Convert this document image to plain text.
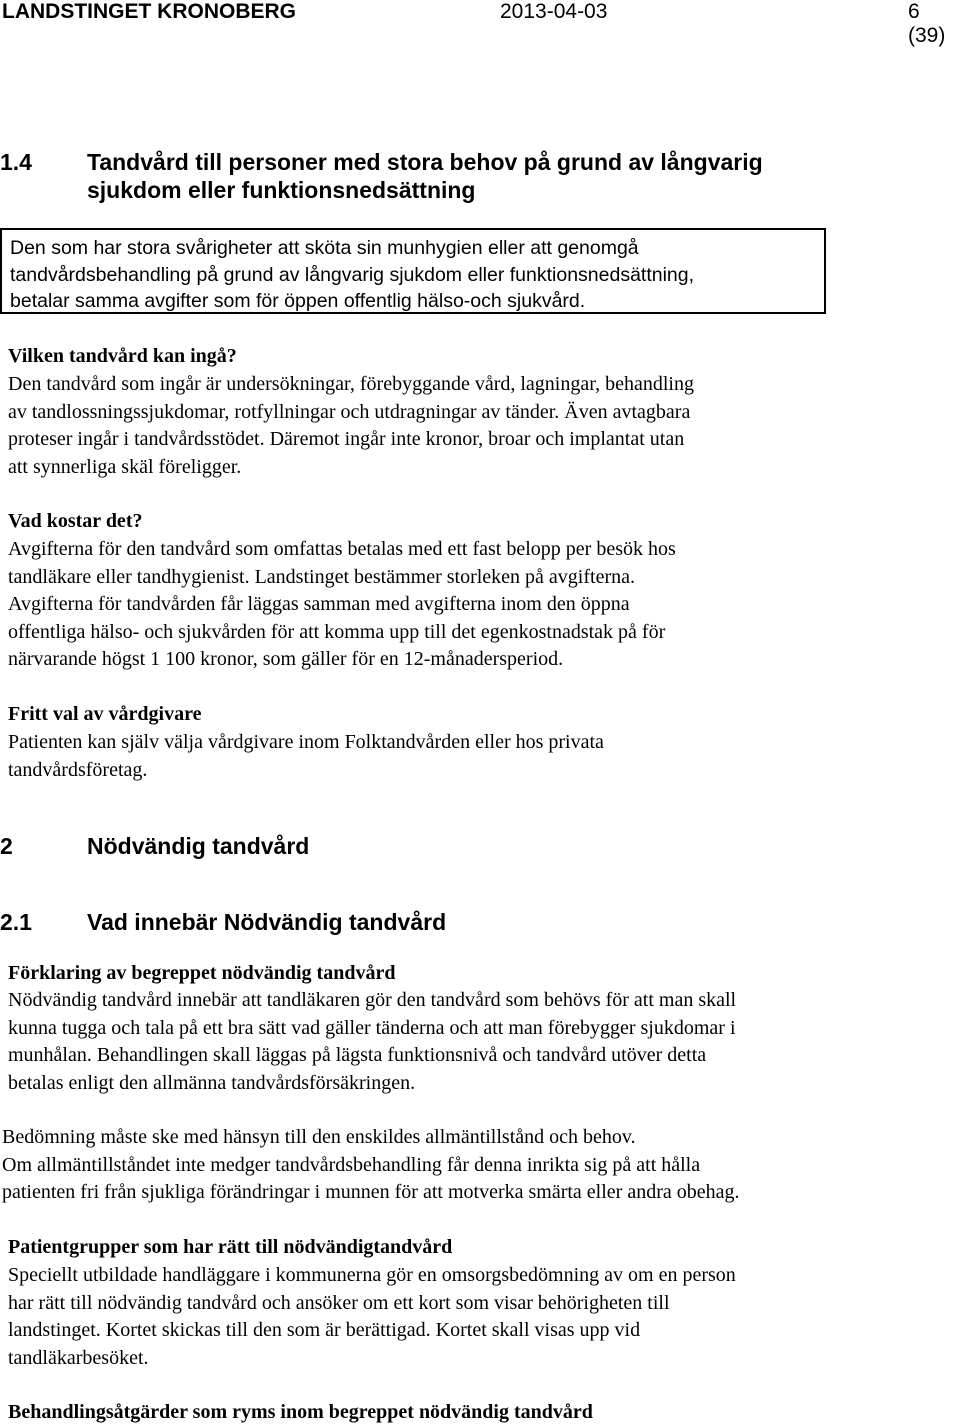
LANDSTINGET KRONOBERG	2013-04-03	6 (39)
1.4 Tandvård till personer med stora behov på grund av långvarig
sjukdom eller funktionsnedsättning
Den som har stora svårigheter att sköta sin munhygien eller att genomgå
tandvårdsbehandling på grund av långvarig sjukdom eller funktionsnedsättning,
betalar samma avgifter som för öppen offentlig hälso-och sjukvård.
Vilken tandvård kan ingå?
Den tandvård som ingår är undersökningar, förebyggande vård, lagningar, behandling
av tandlossningssjukdomar, rotfyllningar och utdragningar av tänder. Även avtagbara
proteser ingår i tandvårdsstödet. Däremot ingår inte kronor, broar och implantat utan
att synnerliga skäl föreligger.
Vad kostar det?
Avgifterna för den tandvård som omfattas betalas med ett fast belopp per besök hos
tandläkare eller tandhygienist. Landstinget bestämmer storleken på avgifterna.
Avgifterna för tandvården får läggas samman med avgifterna inom den öppna
offentliga hälso- och sjukvården för att komma upp till det egenkostnadstak på för
närvarande högst 1 100 kronor, som gäller för en 12-månadersperiod.
Fritt val av vårdgivare
Patienten kan själv välja vårdgivare inom Folktandvården eller hos privata
tandvårdsföretag.
2	Nödvändig tandvård
2.1 Vad innebär Nödvändig tandvård
Förklaring av begreppet nödvändig tandvård
Nödvändig tandvård innebär att tandläkaren gör den tandvård som behövs för att man skall
kunna tugga och tala på ett bra sätt vad gäller tänderna och att man förebygger sjukdomar i
munhålan. Behandlingen skall läggas på lägsta funktionsnivå och tandvård utöver detta
betalas enligt den allmänna tandvårdsförsäkringen.
Bedömning måste ske med hänsyn till den enskildes allmäntillstånd och behov.
Om allmäntillståndet inte medger tandvårdsbehandling får denna inrikta sig på att hålla
patienten fri från sjukliga förändringar i munnen för att motverka smärta eller andra obehag.
Patientgrupper som har rätt till nödvändigtandvård
Speciellt utbildade handläggare i kommunerna gör en omsorgsbedömning av om en person
har rätt till nödvändig tandvård och ansöker om ett kort som visar behörigheten till
landstinget. Kortet skickas till den som är berättigad. Kortet skall visas upp vid
tandläkarbesöket.
Behandlingsåtgärder som ryms inom begreppet nödvändig tandvård
